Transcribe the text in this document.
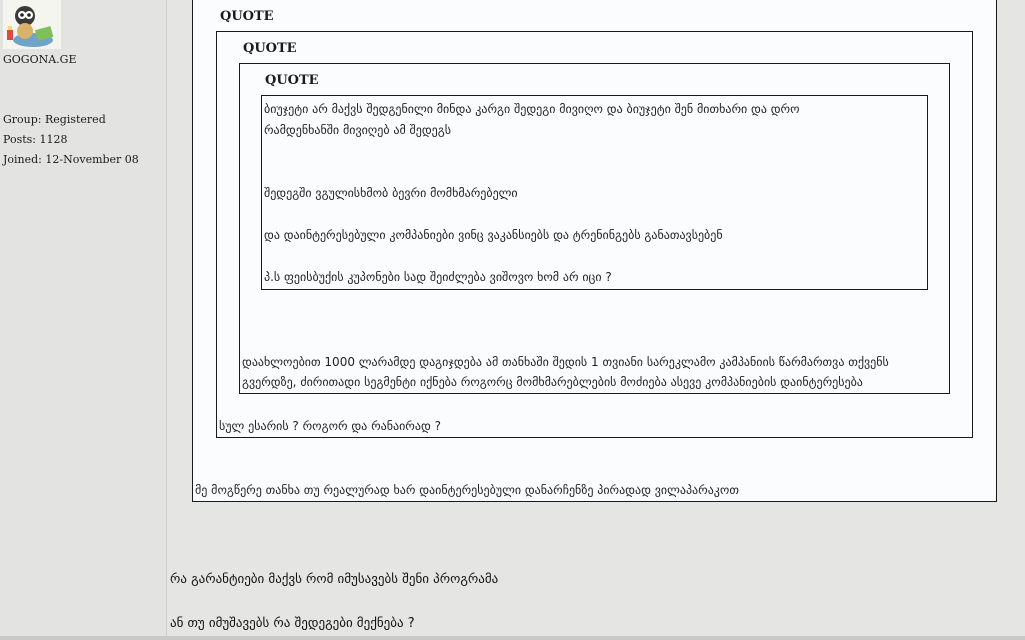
GOGONA.GE
Group: Registered
Posts: 1128
Joined: 12-November 08
QUOTE
QUOTE
QUOTE
ბიუჯეტი არ მაქვს შედგენილი მინდა კარგი შედეგი მივიღო და ბიუჯეტი შენ მითხარი და დრო
რამდენხანში მივიღებ ამ შედეგს
შედეგში ვგულისხმობ ბევრი მომხმარებელი
და დაინტერესებული კომპანიები ვინც ვაკანსიებს და ტრენინგებს განათავსებენ
პ.ს ფეისბუქის კუპონები სად შეიძლება ვიშოვო ხომ არ იცი ?
დაახლოებით 1000 ლარამდე დაგიჯდება ამ თანხაში შედის 1 თვიანი სარეკლამო კამპანიის წარმართვა თქვენს
გვერდზე, ძირითადი სეგმენტი იქნება როგორც მომხმარებლების მოძიება ასევე კომპანიების დაინტერესება
სულ ესარის ? როგორ და რანაირად ?
მე მოგწერე თანხა თუ რეალურად ხარ დაინტერესებული დანარჩენზე პირადად ვილაპარაკოთ
რა გარანტიები მაქვს რომ იმუსავებს შენი პროგრამა
ან თუ იმუშავებს რა შედეგები მექნება ?
